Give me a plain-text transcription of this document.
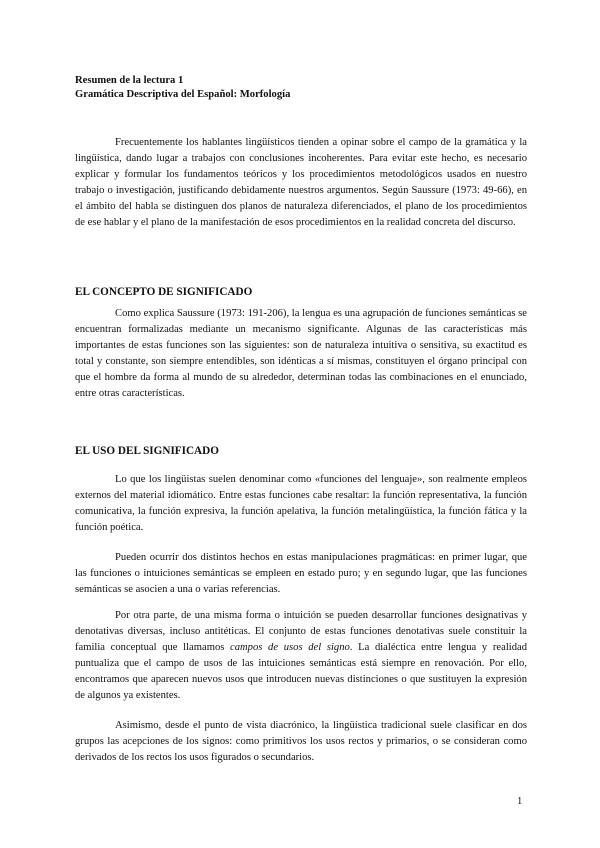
Resumen de la lectura 1
Gramática Descriptiva del Español: Morfología

Frecuentemente los hablantes lingüísticos tienden a opinar sobre el campo de la gramática y la lingüística, dando lugar a trabajos con conclusiones incoherentes. Para evitar este hecho, es necesario explicar y formular los fundamentos teóricos y los procedimientos metodológicos usados en nuestro trabajo o investigación, justificando debidamente nuestros argumentos. Según Saussure (1973: 49-66), en el ámbito del habla se distinguen dos planos de naturaleza diferenciados, el plano de los procedimientos de ese hablar y el plano de la manifestación de esos procedimientos en la realidad concreta del discurso.

EL CONCEPTO DE SIGNIFICADO

Como explica Saussure (1973: 191-206), la lengua es una agrupación de funciones semánticas se encuentran formalizadas mediante un mecanismo significante. Algunas de las características más importantes de estas funciones son las siguientes: son de naturaleza intuitiva o sensitiva, su exactitud es total y constante, son siempre entendibles, son idénticas a sí mismas, constituyen el órgano principal con que el hombre da forma al mundo de su alrededor, determinan todas las combinaciones en el enunciado, entre otras características.

EL USO DEL SIGNIFICADO

Lo que los lingüistas suelen denominar como «funciones del lenguaje», son realmente empleos externos del material idiomático. Entre estas funciones cabe resaltar: la función representativa, la función comunicativa, la función expresiva, la función apelativa, la función metalingüística, la función fática y la función poética.

Pueden ocurrir dos distintos hechos en estas manipulaciones pragmáticas: en primer lugar, que las funciones o intuiciones semánticas se empleen en estado puro; y en segundo lugar, que las funciones semánticas se asocien a una o varias referencias.

Por otra parte, de una misma forma o intuición se pueden desarrollar funciones designativas y denotativas diversas, incluso antitéticas. El conjunto de estas funciones denotativas suele constituir la familia conceptual que llamamos campos de usos del signo. La dialéctica entre lengua y realidad puntualiza que el campo de usos de las intuiciones semánticas está siempre en renovación. Por ello, encontramos que aparecen nuevos usos que introducen nuevas distinciones o que sustituyen la expresión de algunos ya existentes.

Asimismo, desde el punto de vista diacrónico, la lingüística tradicional suele clasificar en dos grupos las acepciones de los signos: como primitivos los usos rectos y primarios, o se consideran como derivados de los rectos los usos figurados o secundarios.

1
